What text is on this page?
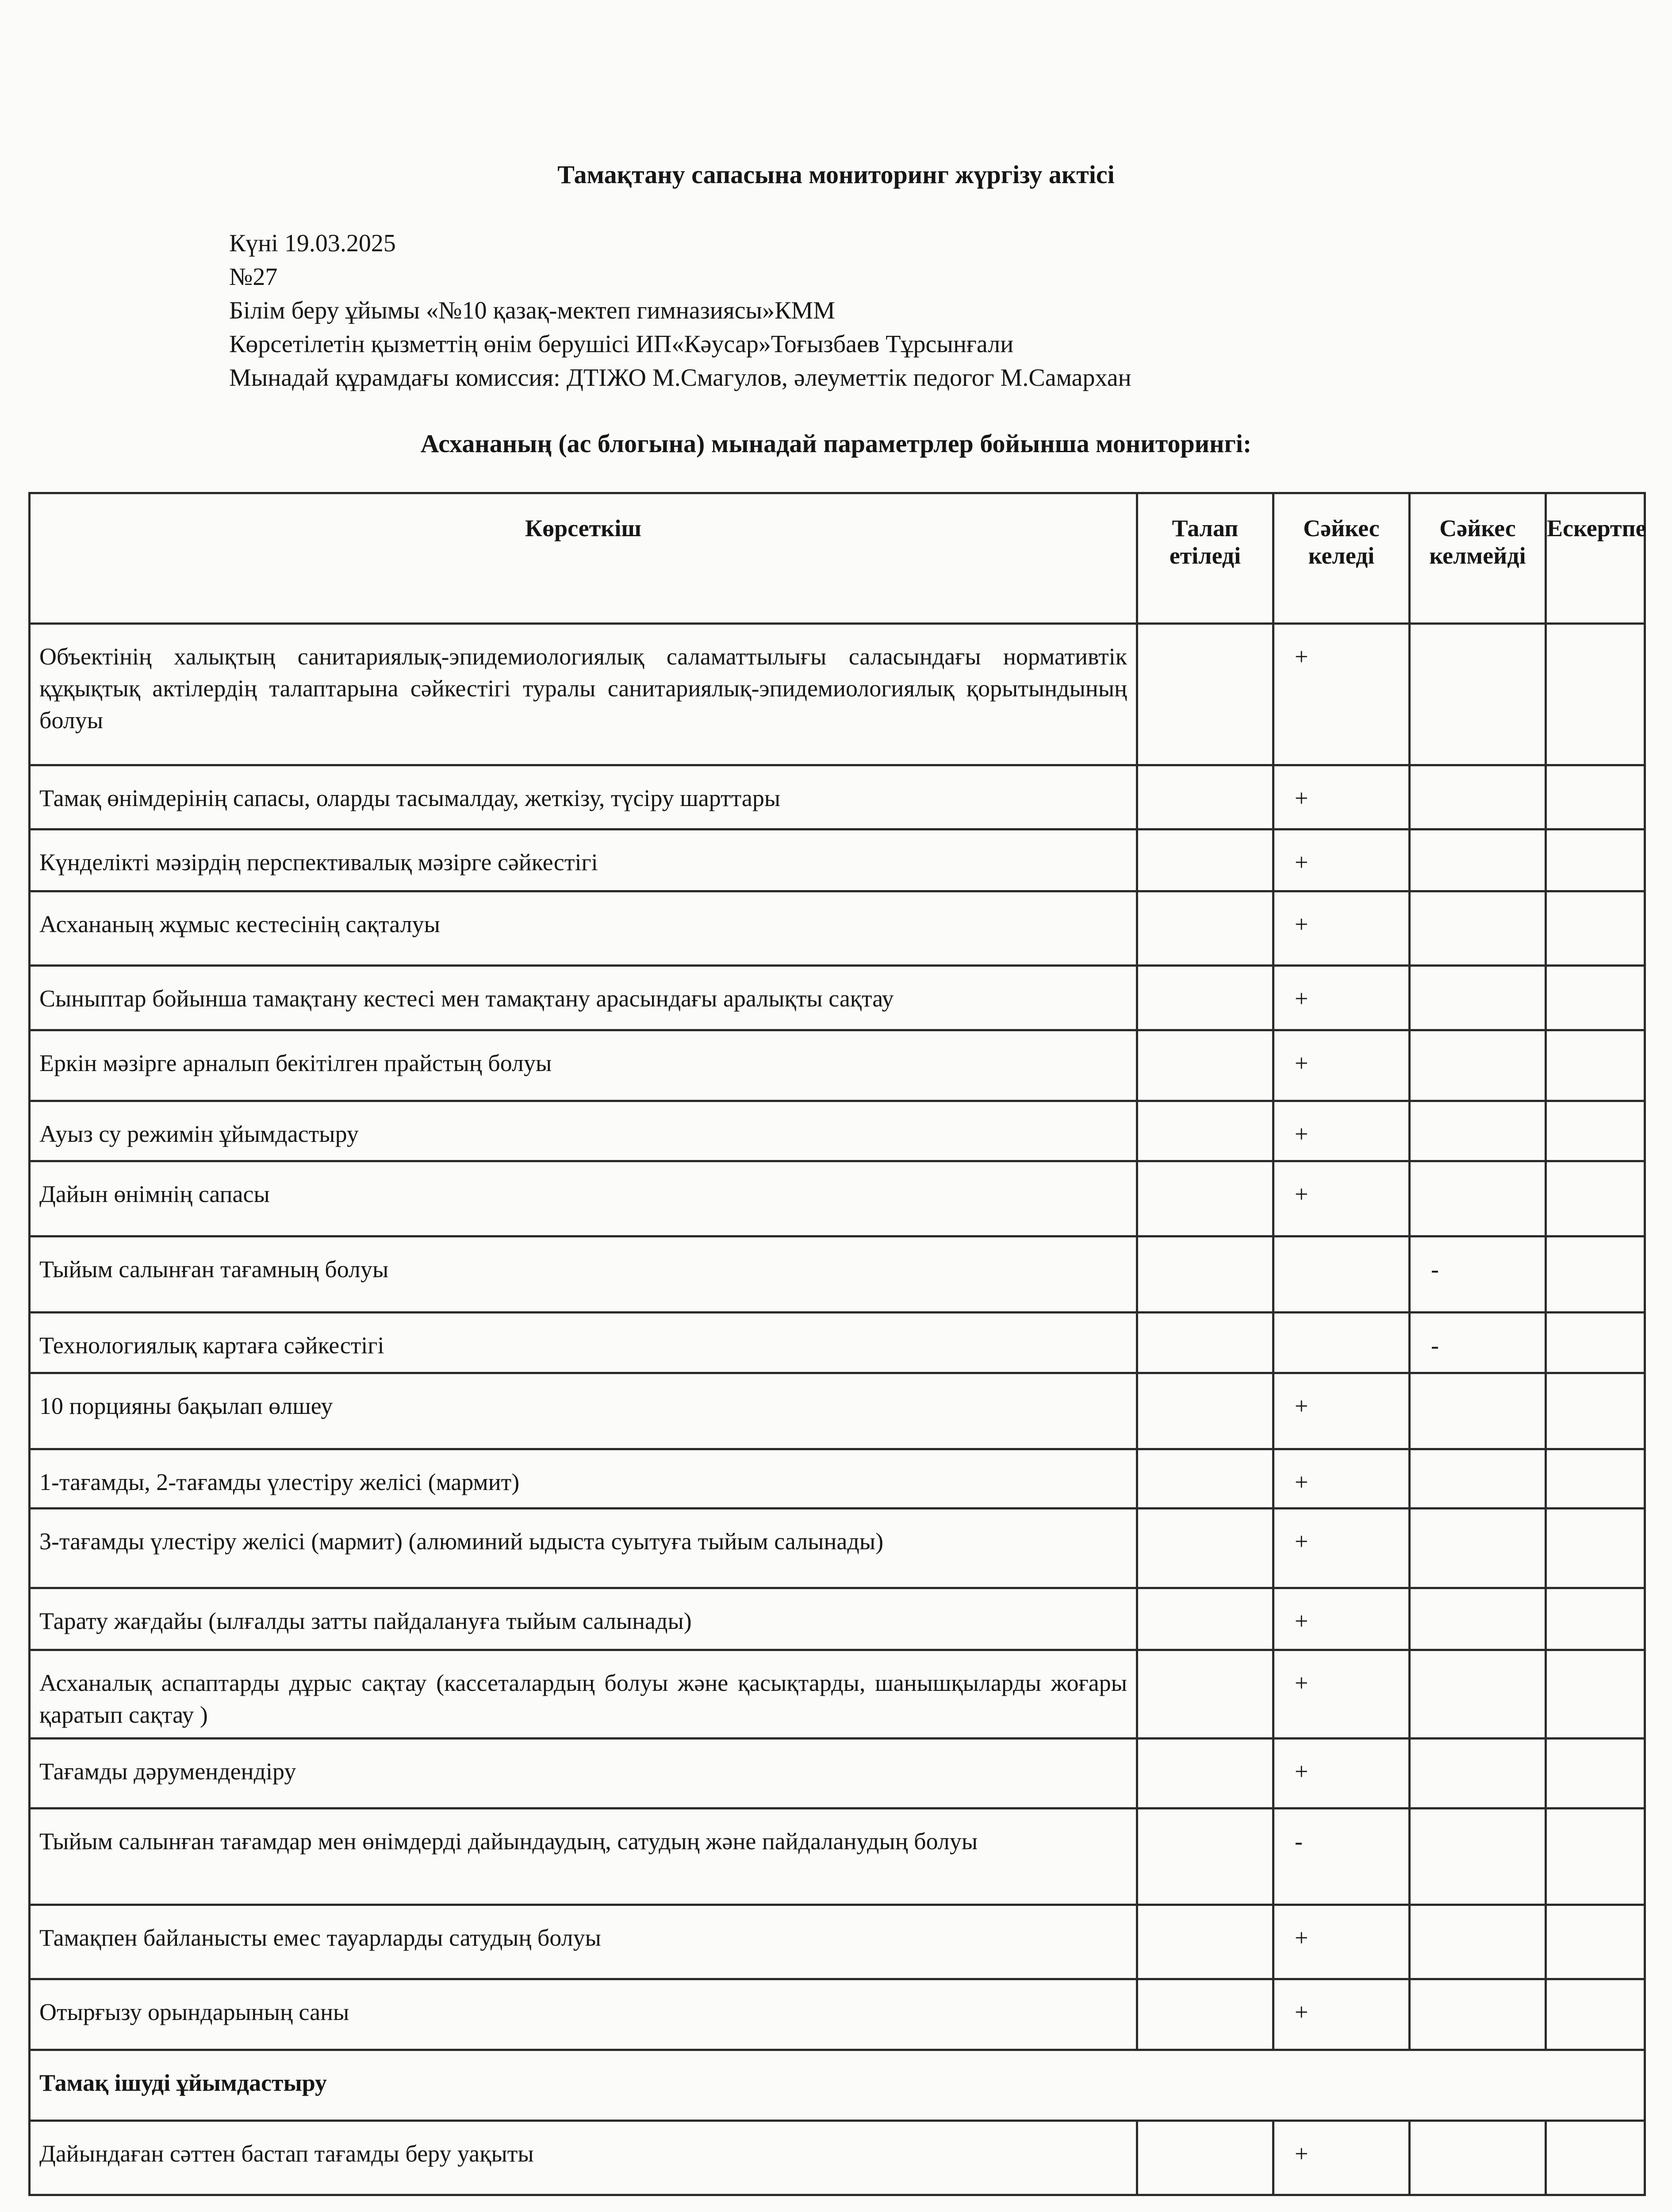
Тамақтану сапасына мониторинг жүргізу актісі
Күні 19.03.2025
№27
Білім беру ұйымы «№10 қазақ-мектеп гимназиясы»КММ
Көрсетілетін қызметтің өнім берушісі ИП«Кәусар»Тоғызбаев Тұрсынғали
Мынадай құрамдағы комиссия: ДТІЖО М.Смагулов, әлеуметтік педогог М.Самархан
Асхананың (ас блогына) мынадай параметрлер бойынша мониторингі:
Көрсеткіш	Талап етіледі	Сәйкес келеді	Сәйкес келмейді	Ескертпе
Объектінің халықтың санитариялық-эпидемиологиялық саламаттылығы саласындағы нормативтік құқықтық актілердің талаптарына сәйкестігі туралы санитариялық-эпидемиологиялық қорытындының болуы		+		
Тамақ өнімдерінің сапасы, оларды тасымалдау, жеткізу, түсіру шарттары		+		
Күнделікті мәзірдің перспективалық мәзірге сәйкестігі		+		
Асхананың жұмыс кестесінің сақталуы		+		
Сыныптар бойынша тамақтану кестесі мен тамақтану арасындағы аралықты сақтау		+		
Еркін мәзірге арналып бекітілген прайстың болуы		+		
Ауыз су режимін ұйымдастыру		+		
Дайын өнімнің сапасы		+		
Тыйым салынған тағамның болуы			-	
Технологиялық картаға сәйкестігі			-	
10 порцияны бақылап өлшеу		+		
1-тағамды, 2-тағамды үлестіру желісі (мармит)		+		
3-тағамды үлестіру желісі (мармит) (алюминий ыдыста суытуға тыйым салынады)		+		
Тарату жағдайы (ылғалды затты пайдалануға тыйым салынады)		+		
Асханалық аспаптарды дұрыс сақтау (кассеталардың болуы және қасықтарды, шанышқыларды жоғары қаратып сақтау )		+		
Тағамды дәрумендендіру		+		
Тыйым салынған тағамдар мен өнімдерді дайындаудың, сатудың және пайдаланудың болуы		-		
Тамақпен байланысты емес тауарларды сатудың болуы		+		
Отырғызу орындарының саны		+		
Тамақ ішуді ұйымдастыру				
Дайындаған сәттен бастап тағамды беру уақыты		+		
